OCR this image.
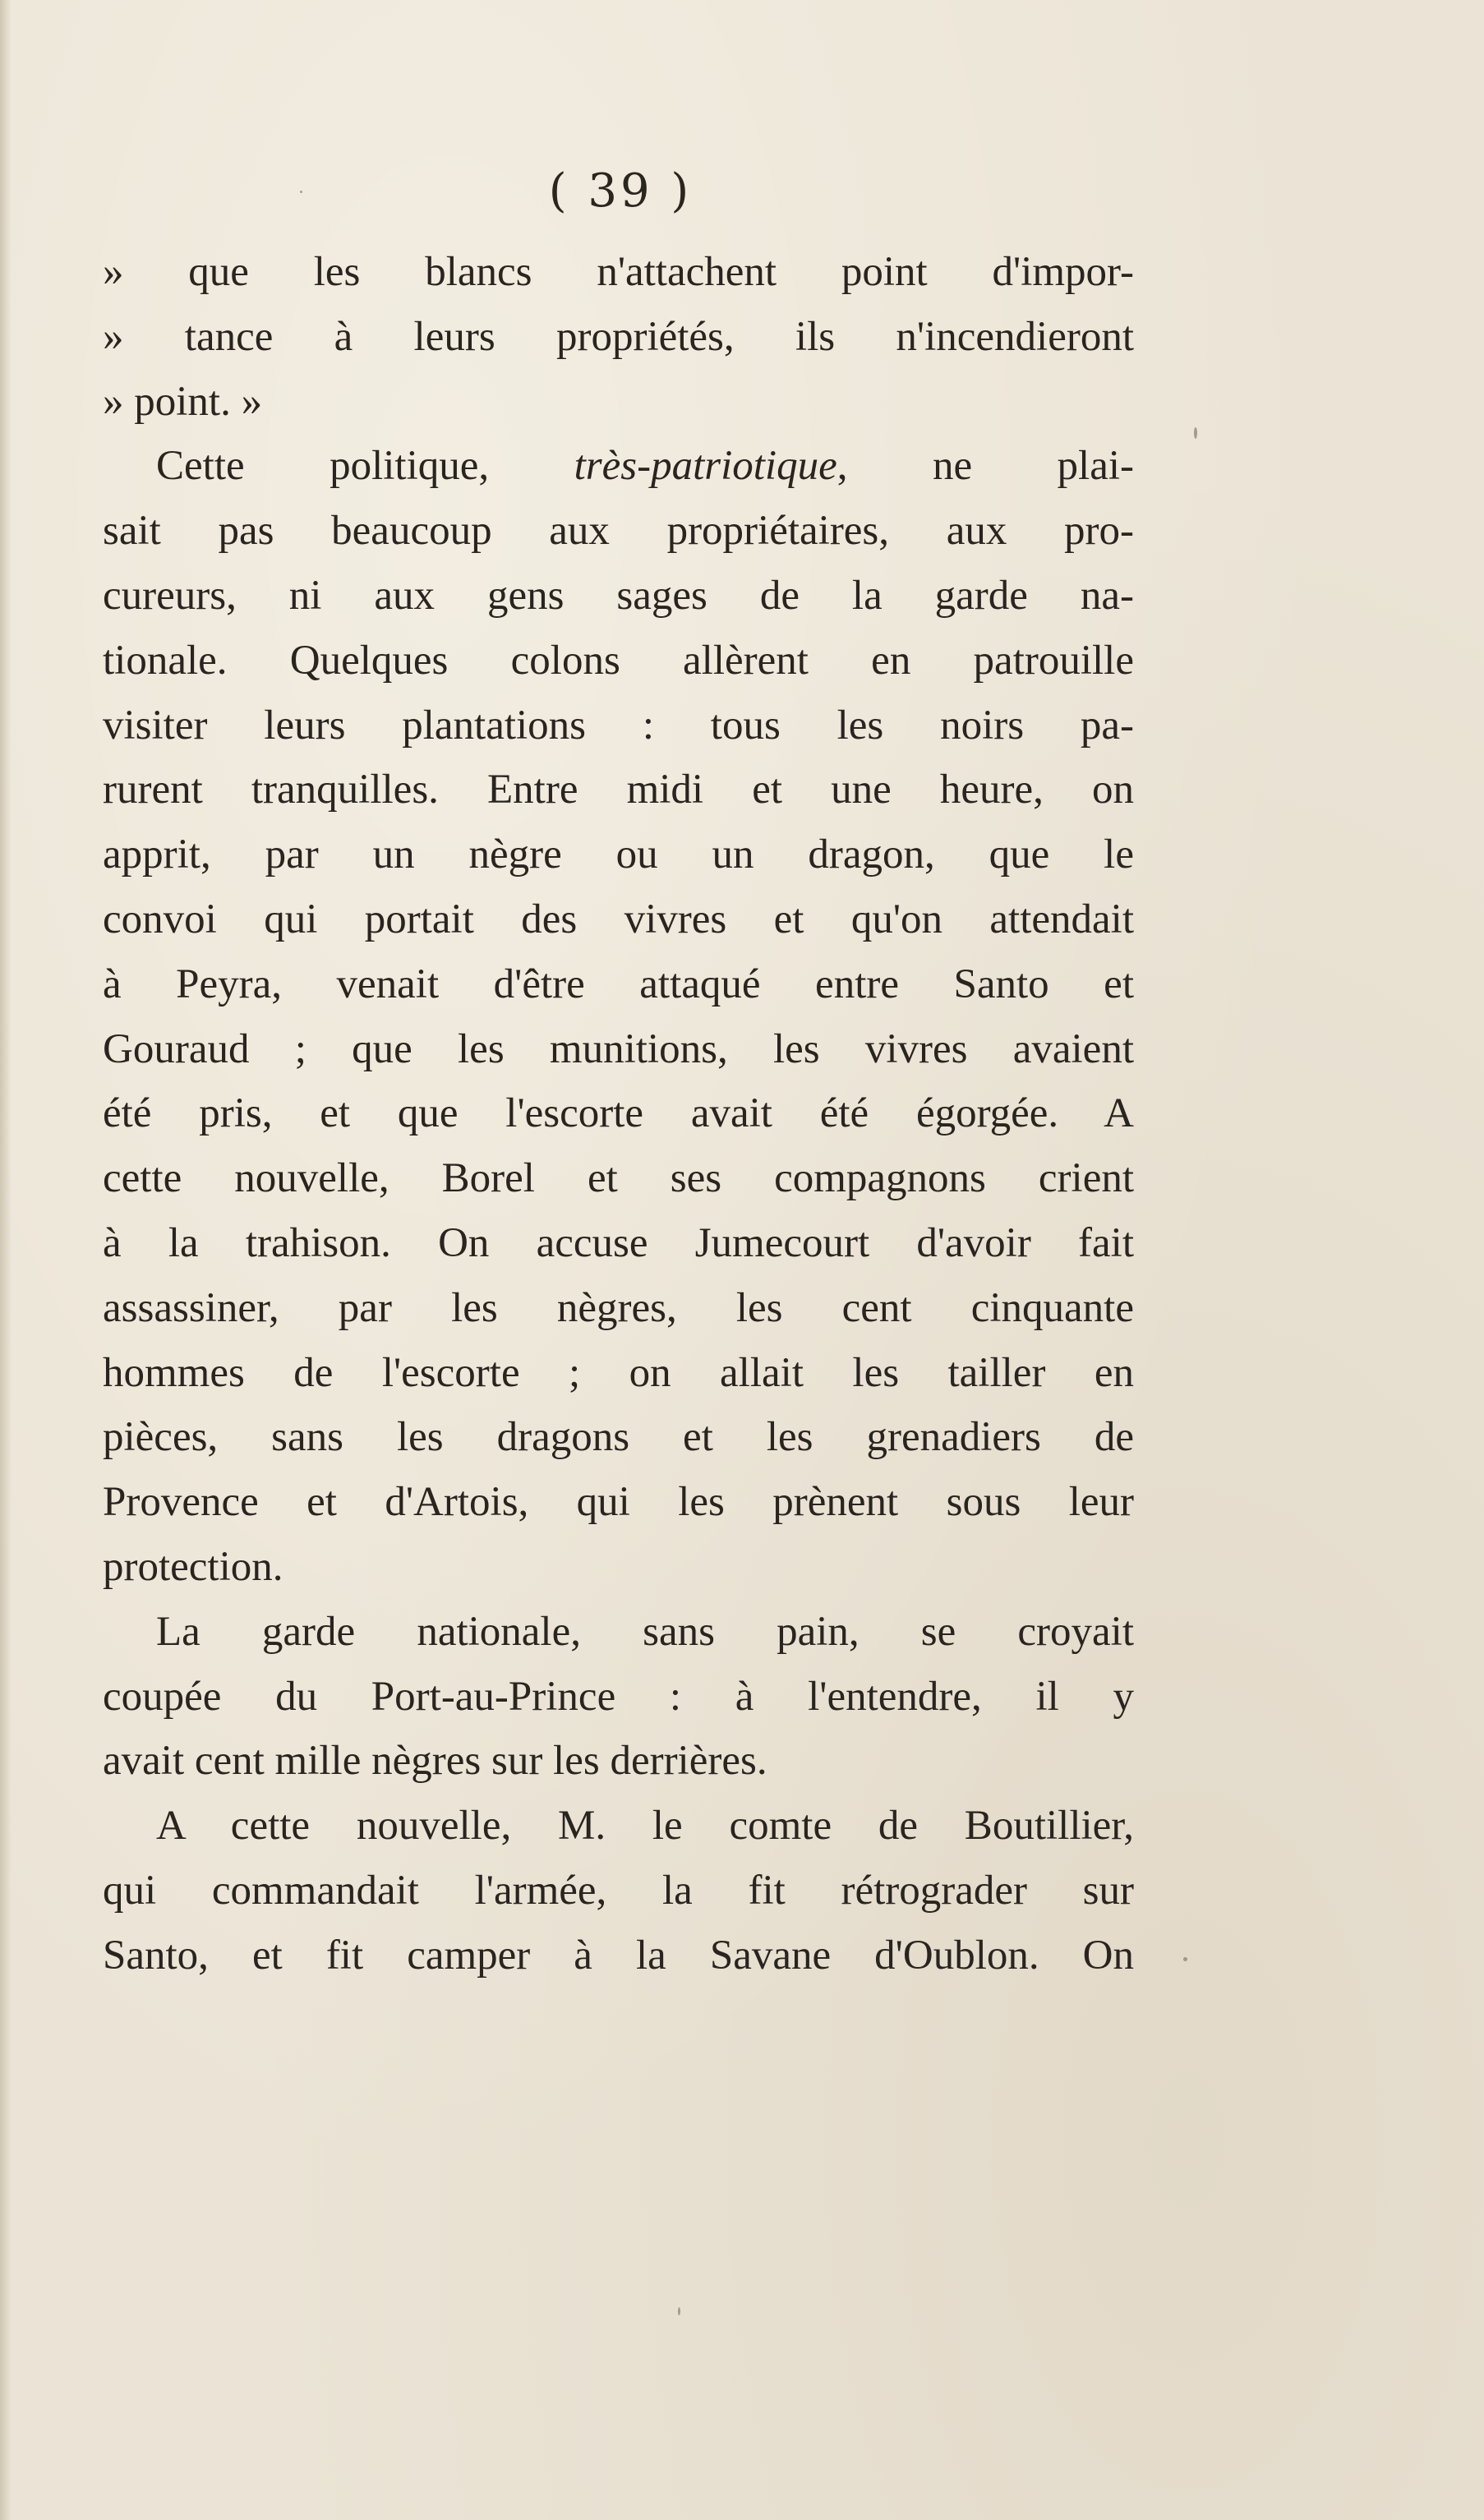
( 39 )
» que les blancs n'attachent point d'impor-
» tance à leurs propriétés, ils n'incendieront
» point. »
Cette politique, très-patriotique, ne plai-
sait pas beaucoup aux propriétaires, aux pro-
cureurs, ni aux gens sages de la garde na-
tionale. Quelques colons allèrent en patrouille
visiter leurs plantations : tous les noirs pa-
rurent tranquilles. Entre midi et une heure, on
apprit, par un nègre ou un dragon, que le
convoi qui portait des vivres et qu'on attendait
à Peyra, venait d'être attaqué entre Santo et
Gouraud ; que les munitions, les vivres avaient
été pris, et que l'escorte avait été égorgée. A
cette nouvelle, Borel et ses compagnons crient
à la trahison. On accuse Jumecourt d'avoir fait
assassiner, par les nègres, les cent cinquante
hommes de l'escorte ; on allait les tailler en
pièces, sans les dragons et les grenadiers de
Provence et d'Artois, qui les prènent sous leur
protection.
La garde nationale, sans pain, se croyait
coupée du Port-au-Prince : à l'entendre, il y
avait cent mille nègres sur les derrières.
A cette nouvelle, M. le comte de Boutillier,
qui commandait l'armée, la fit rétrograder sur
Santo, et fit camper à la Savane d'Oublon. On
